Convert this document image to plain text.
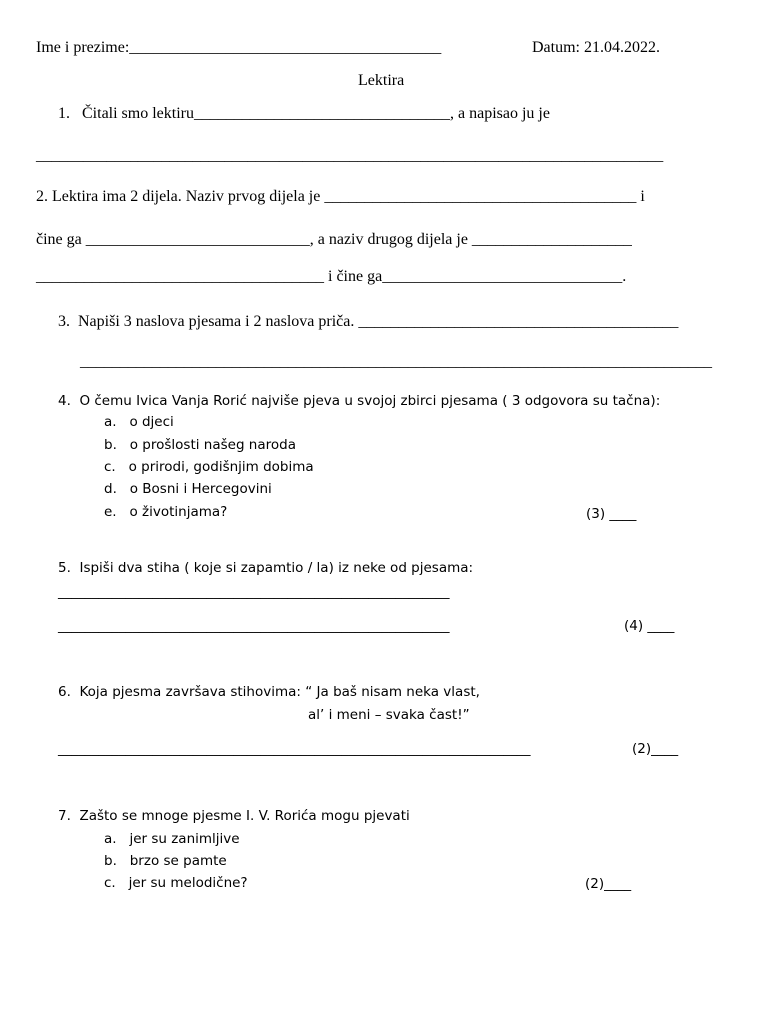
Ime i prezime:_______________________________________	Datum: 21.04.2022.
Lektira
1.   Čitali smo lektiru________________________________, a napisao ju je
________________________________________________________________________________
2. Lektira ima 2 dijela. Naziv prvog dijela je _______________________________________ i
čine ga ____________________________, a naziv drugog dijela je ____________________
____________________________________ i čine ga______________________________.
3.  Napiši 3 naslova pjesama i 2 naslova priča. ________________________________________
_______________________________________________________________________________
4.  O čemu Ivica Vanja Rorić najviše pjeva u svojoj zbirci pjesama ( 3 odgovora su tačna):
a.   o djeci
b.   o prošlosti našeg naroda
c.   o prirodi, godišnjim dobima
d.   o Bosni i Hercegovini
e.   o životinjama?	(3) ____
5.  Ispiši dva stiha ( koje si zapamtio / la) iz neke od pjesama:
__________________________________________________________
__________________________________________________________	(4) ____
6.  Koja pjesma završava stihovima: “ Ja baš nisam neka vlast,
al’ i meni – svaka čast!”
______________________________________________________________________	(2)____
7.  Zašto se mnoge pjesme I. V. Rorića mogu pjevati
a.   jer su zanimljive
b.   brzo se pamte
c.   jer su melodične?	(2)____
